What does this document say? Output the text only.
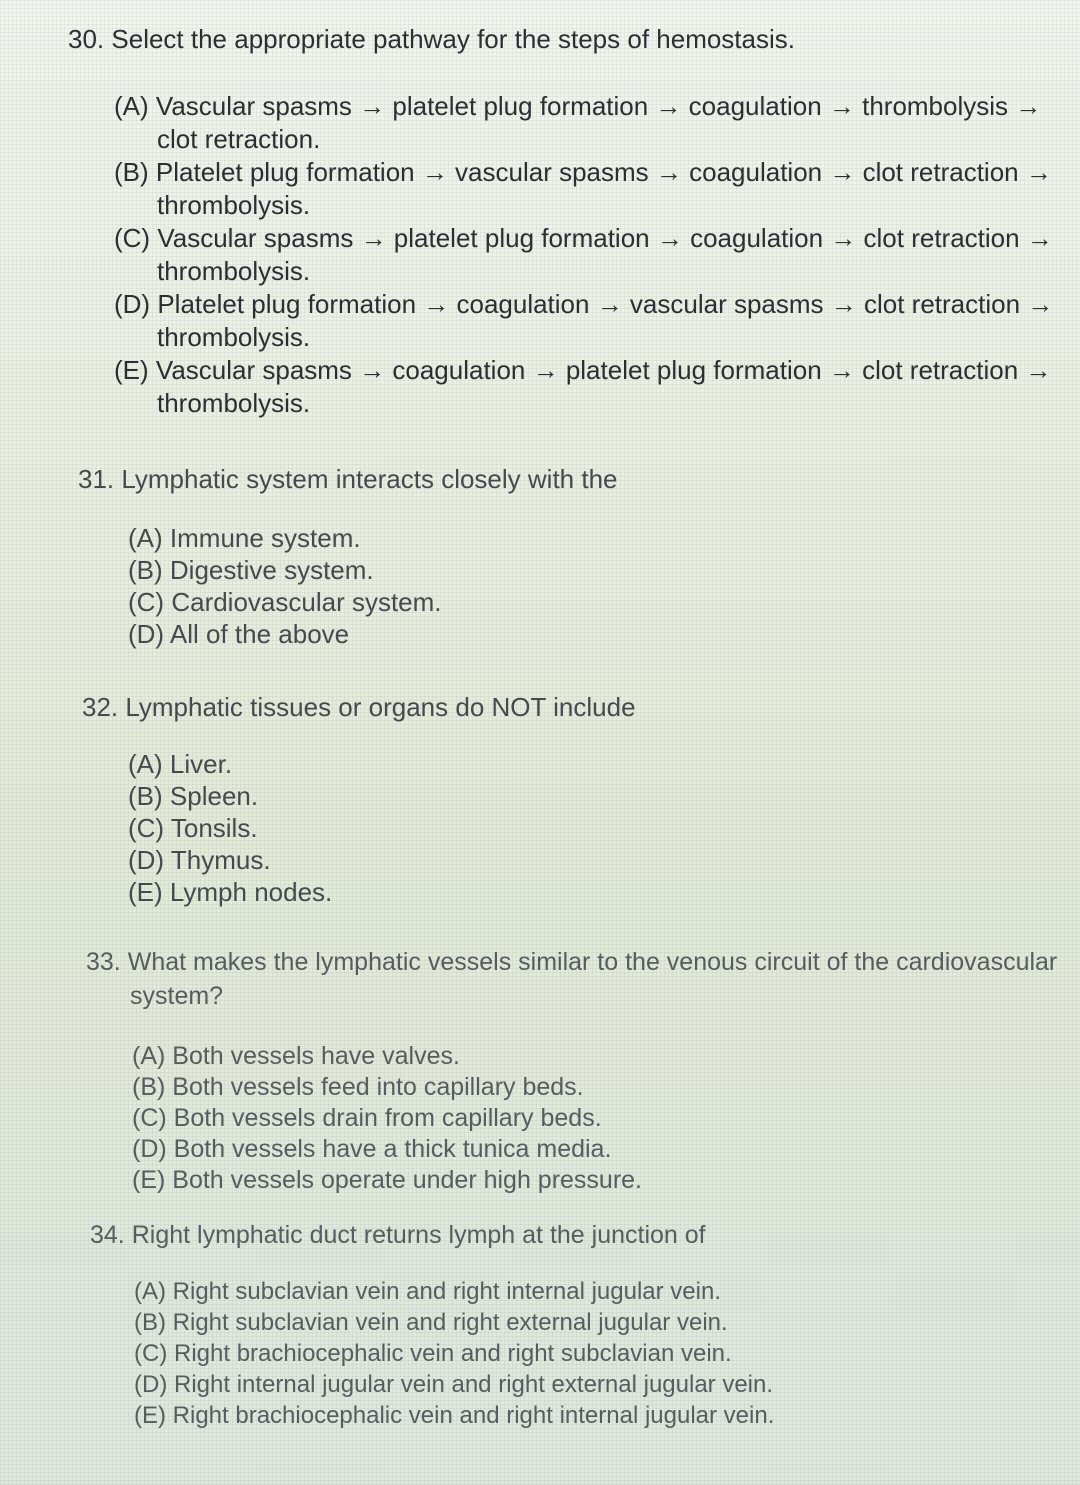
30. Select the appropriate pathway for the steps of hemostasis.
(A) Vascular spasms → platelet plug formation → coagulation → thrombolysis →
clot retraction.
(B) Platelet plug formation → vascular spasms → coagulation → clot retraction →
thrombolysis.
(C) Vascular spasms → platelet plug formation → coagulation → clot retraction →
thrombolysis.
(D) Platelet plug formation → coagulation → vascular spasms → clot retraction →
thrombolysis.
(E) Vascular spasms → coagulation → platelet plug formation → clot retraction →
thrombolysis.
31. Lymphatic system interacts closely with the
(A) Immune system.
(B) Digestive system.
(C) Cardiovascular system.
(D) All of the above
32. Lymphatic tissues or organs do NOT include
(A) Liver.
(B) Spleen.
(C) Tonsils.
(D) Thymus.
(E) Lymph nodes.
33. What makes the lymphatic vessels similar to the venous circuit of the cardiovascular
system?
(A) Both vessels have valves.
(B) Both vessels feed into capillary beds.
(C) Both vessels drain from capillary beds.
(D) Both vessels have a thick tunica media.
(E) Both vessels operate under high pressure.
34. Right lymphatic duct returns lymph at the junction of
(A) Right subclavian vein and right internal jugular vein.
(B) Right subclavian vein and right external jugular vein.
(C) Right brachiocephalic vein and right subclavian vein.
(D) Right internal jugular vein and right external jugular vein.
(E) Right brachiocephalic vein and right internal jugular vein.
